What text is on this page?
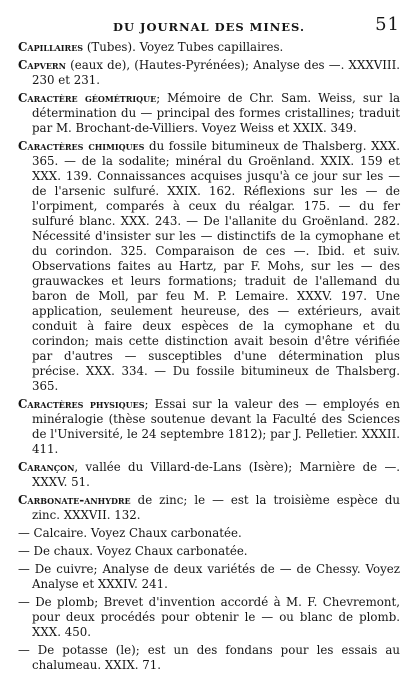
DU JOURNAL DES MINES.	51

Capillaires (Tubes). Voyez Tubes capillaires.

Capvern (eaux de), (Hautes-Pyrénées); Analyse des —. XXXVIII. 230 et 231.

Caractère géométrique; Mémoire de Chr. Sam. Weiss, sur la détermination du — principal des formes cristallines; traduit par M. Brochant-de-Villiers. Voyez Weiss et XXIX. 349.

Caractères chimiques du fossile bitumineux de Thalsberg. XXX. 365. — de la sodalite; minéral du Groënland. XXIX. 159 et XXX. 139. Connaissances acquises jusqu'à ce jour sur les — de l'arsenic sulfuré. XXIX. 162. Réflexions sur les — de l'orpiment, comparés à ceux du réalgar. 175. — du fer sulfuré blanc. XXX. 243. — De l'allanite du Groënland. 282. Nécessité d'insister sur les — distinctifs de la cymophane et du corindon. 325. Comparaison de ces —. Ibid. et suiv. Observations faites au Hartz, par F. Mohs, sur les — des grauwackes et leurs formations; traduit de l'allemand du baron de Moll, par feu M. P. Lemaire. XXXV. 197. Une application, seulement heureuse, des — extérieurs, avait conduit à faire deux espèces de la cymophane et du corindon; mais cette distinction avait besoin d'être vérifiée par d'autres — susceptibles d'une détermination plus précise. XXX. 334. — Du fossile bitumineux de Thalsberg. 365.

Caractères physiques; Essai sur la valeur des — employés en minéralogie (thèse soutenue devant la Faculté des Sciences de l'Université, le 24 septembre 1812); par J. Pelletier. XXXII. 411.

Carançon, vallée du Villard-de-Lans (Isère); Marnière de —. XXXV. 51.

Carbonate-anhydre de zinc; le — est la troisième espèce du zinc. XXXVII. 132.

— Calcaire. Voyez Chaux carbonatée.

— De chaux. Voyez Chaux carbonatée.

— De cuivre; Analyse de deux variétés de — de Chessy. Voyez Analyse et XXXIV. 241.

— De plomb; Brevet d'invention accordé à M. F. Chevremont, pour deux procédés pour obtenir le — ou blanc de plomb. XXX. 450.

— De potasse (le); est un des fondans pour les essais au chalumeau. XXIX. 71.
